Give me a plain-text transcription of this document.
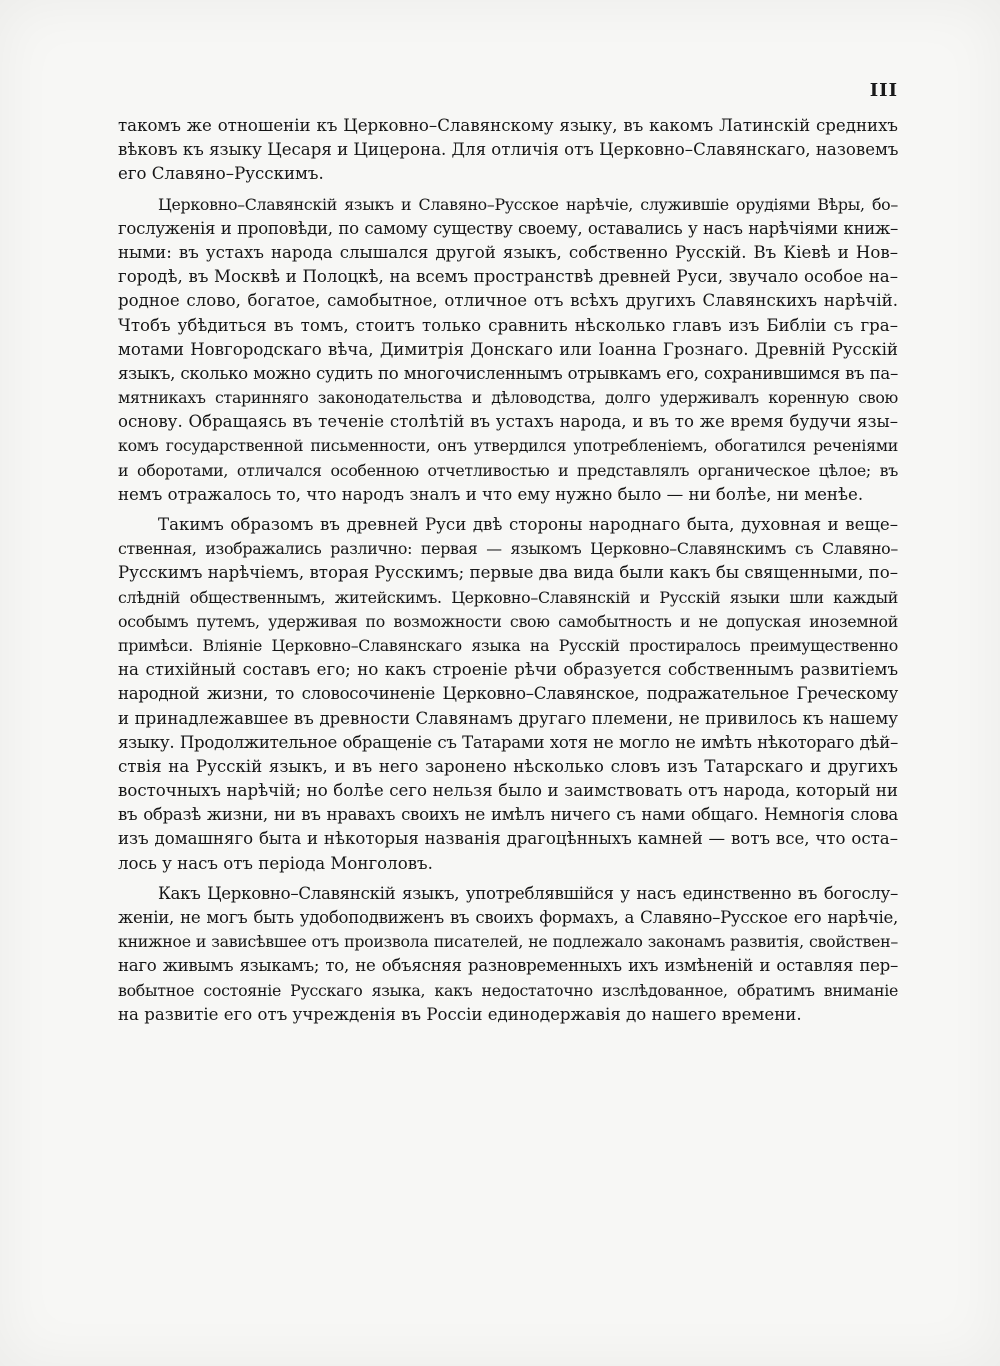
III
такомъ же отношеніи къ Церковно–Славянскому языку, въ какомъ Латинскій среднихъ
вѣковъ къ языку Цесаря и Цицерона. Для отличія отъ Церковно–Славянскаго, назовемъ
его Славяно–Русскимъ.
Церковно–Славянскій языкъ и Славяно–Русское нарѣчіе, служившіе орудіями Вѣры, бо–
гослуженія и проповѣди, по самому существу своему, оставались у насъ нарѣчіями книж–
ными: въ устахъ народа слышался другой языкъ, собственно Русскій. Въ Кіевѣ и Нов–
городѣ, въ Москвѣ и Полоцкѣ, на всемъ пространствѣ древней Руси, звучало особое на–
родное слово, богатое, самобытное, отличное отъ всѣхъ другихъ Славянскихъ нарѣчій.
Чтобъ убѣдиться въ томъ, стоитъ только сравнить нѣсколько главъ изъ Библіи съ гра–
мотами Новгородскаго вѣча, Димитрія Донскаго или Іоанна Грознаго. Древній Русскій
языкъ, сколько можно судить по многочисленнымъ отрывкамъ его, сохранившимся въ па–
мятникахъ старинняго законодательства и дѣловодства, долго удерживалъ коренную свою
основу. Обращаясь въ теченіе столѣтій въ устахъ народа, и въ то же время будучи язы–
комъ государственной письменности, онъ утвердился употребленіемъ, обогатился реченіями
и оборотами, отличался особенною отчетливостью и представлялъ органическое цѣлое; въ
немъ отражалось то, что народъ зналъ и что ему нужно было — ни болѣе, ни менѣе.
Такимъ образомъ въ древней Руси двѣ стороны народнаго быта, духовная и веще–
ственная, изображались различно: первая — языкомъ Церковно–Славянскимъ съ Славяно–
Русскимъ нарѣчіемъ, вторая Русскимъ; первые два вида были какъ бы священными, по–
слѣдній общественнымъ, житейскимъ. Церковно–Славянскій и Русскій языки шли каждый
особымъ путемъ, удерживая по возможности свою самобытность и не допуская иноземной
примѣси. Вліяніе Церковно–Славянскаго языка на Русскій простиралось преимущественно
на стихійный составъ его; но какъ строеніе рѣчи образуется собственнымъ развитіемъ
народной жизни, то словосочиненіе Церковно–Славянское, подражательное Греческому
и принадлежавшее въ древности Славянамъ другаго племени, не привилось къ нашему
языку. Продолжительное обращеніе съ Татарами хотя не могло не имѣть нѣкотораго дѣй–
ствія на Русскій языкъ, и въ него заронено нѣсколько словъ изъ Татарскаго и другихъ
восточныхъ нарѣчій; но болѣе сего нельзя было и заимствовать отъ народа, который ни
въ образѣ жизни, ни въ нравахъ своихъ не имѣлъ ничего съ нами общаго. Немногія слова
изъ домашняго быта и нѣкоторыя названія драгоцѣнныхъ камней — вотъ все, что оста–
лось у насъ отъ періода Монголовъ.
Какъ Церковно–Славянскій языкъ, употреблявшійся у насъ единственно въ богослу–
женіи, не могъ быть удобоподвиженъ въ своихъ формахъ, а Славяно–Русское его нарѣчіе,
книжное и зависѣвшее отъ произвола писателей, не подлежало законамъ развитія, свойствен–
наго живымъ языкамъ; то, не объясняя разновременныхъ ихъ измѣненій и оставляя пер–
вобытное состояніе Русскаго языка, какъ недостаточно изслѣдованное, обратимъ вниманіе
на развитіе его отъ учрежденія въ Россіи единодержавія до нашего времени.
